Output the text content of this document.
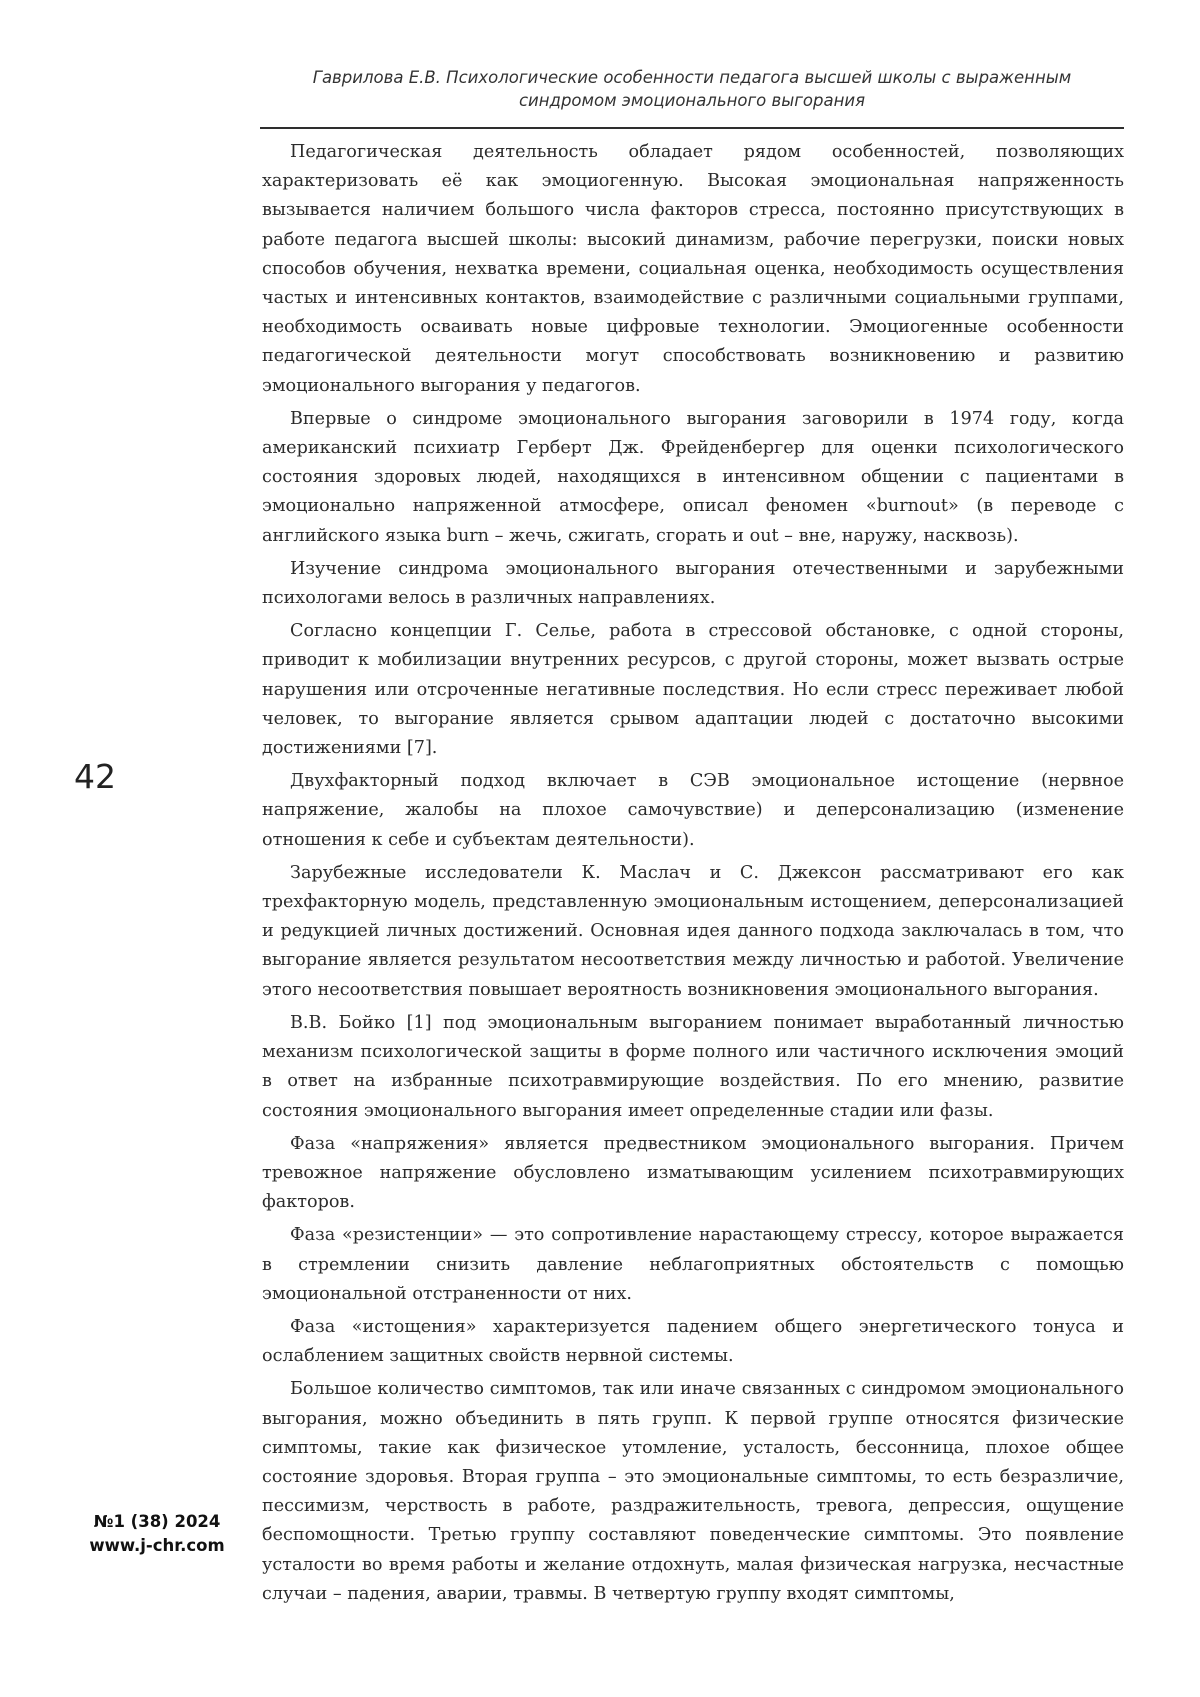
Гаврилова Е.В. Психологические особенности педагога высшей школы с выраженным
синдромом эмоционального выгорания
42
№1 (38) 2024
www.j-chr.com

Педагогическая деятельность обладает рядом особенностей, позволяющих характеризовать её как эмоциогенную. Высокая эмоциональная напряженность вызывается наличием большого числа факторов стресса, постоянно присутствующих в работе педагога высшей школы: высокий динамизм, рабочие перегрузки, поиски новых способов обучения, нехватка времени, социальная оценка, необходимость осуществления частых и интенсивных контактов, взаимодействие с различными социальными группами, необходимость осваивать новые цифровые технологии. Эмоциогенные особенности педагогической деятельности могут способствовать возникновению и развитию эмоционального выгорания у педагогов.

Впервые о синдроме эмоционального выгорания заговорили в 1974 году, когда американский психиатр Герберт Дж. Фрейденбергер для оценки психологического состояния здоровых людей, находящихся в интенсивном общении с пациентами в эмоционально напряженной атмосфере, описал феномен «burnout» (в переводе с английского языка burn – жечь, сжигать, сгорать и out – вне, наружу, насквозь).

Изучение синдрома эмоционального выгорания отечественными и зарубежными психологами велось в различных направлениях.

Согласно концепции Г. Селье, работа в стрессовой обстановке, с одной стороны, приводит к мобилизации внутренних ресурсов, с другой стороны, может вызвать острые нарушения или отсроченные негативные последствия. Но если стресс переживает любой человек, то выгорание является срывом адаптации людей с достаточно высокими достижениями [7].

Двухфакторный подход включает в СЭВ эмоциональное истощение (нервное напряжение, жалобы на плохое самочувствие) и деперсонализацию (изменение отношения к себе и субъектам деятельности).

Зарубежные исследователи К. Маслач и С. Джексон рассматривают его как трехфакторную модель, представленную эмоциональным истощением, деперсонализацией и редукцией личных достижений. Основная идея данного подхода заключалась в том, что выгорание является результатом несоответствия между личностью и работой. Увеличение этого несоответствия повышает вероятность возникновения эмоционального выгорания.

В.В. Бойко [1] под эмоциональным выгоранием понимает выработанный личностью механизм психологической защиты в форме полного или частичного исключения эмоций в ответ на избранные психотравмирующие воздействия. По его мнению, развитие состояния эмоционального выгорания имеет определенные стадии или фазы.

Фаза «напряжения» является предвестником эмоционального выгорания. Причем тревожное напряжение обусловлено изматывающим усилением психотравмирующих факторов.

Фаза «резистенции» — это сопротивление нарастающему стрессу, которое выражается в стремлении снизить давление неблагоприятных обстоятельств с помощью эмоциональной отстраненности от них.

Фаза «истощения» характеризуется падением общего энергетического тонуса и ослаблением защитных свойств нервной системы.

Большое количество симптомов, так или иначе связанных с синдромом эмоционального выгорания, можно объединить в пять групп. К первой группе относятся физические симптомы, такие как физическое утомление, усталость, бессонница, плохое общее состояние здоровья. Вторая группа – это эмоциональные симптомы, то есть безразличие, пессимизм, черствость в работе, раздражительность, тревога, депрессия, ощущение беспомощности. Третью группу составляют поведенческие симптомы. Это появление усталости во время работы и желание отдохнуть, малая физическая нагрузка, несчастные случаи – падения, аварии, травмы. В четвертую группу входят симптомы,
